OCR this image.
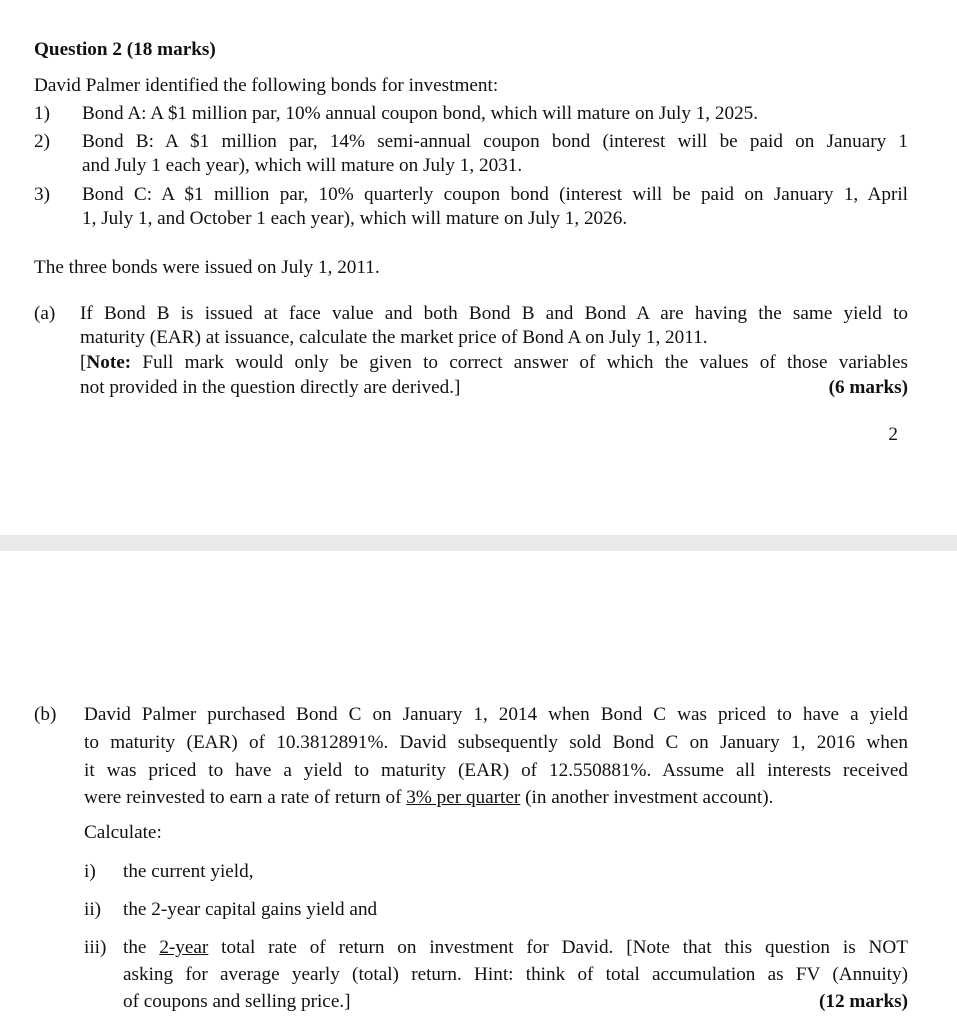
Question 2 (18 marks)
David Palmer identified the following bonds for investment:
1) Bond A: A $1 million par, 10% annual coupon bond, which will mature on July 1, 2025.
2) Bond B: A $1 million par, 14% semi-annual coupon bond (interest will be paid on January 1
and July 1 each year), which will mature on July 1, 2031.
3) Bond C: A $1 million par, 10% quarterly coupon bond (interest will be paid on January 1, April
1, July 1, and October 1 each year), which will mature on July 1, 2026.
The three bonds were issued on July 1, 2011.
(a) If Bond B is issued at face value and both Bond B and Bond A are having the same yield to
maturity (EAR) at issuance, calculate the market price of Bond A on July 1, 2011.
[Note: Full mark would only be given to correct answer of which the values of those variables
not provided in the question directly are derived.]	(6 marks)
2
(b) David Palmer purchased Bond C on January 1, 2014 when Bond C was priced to have a yield
to maturity (EAR) of 10.3812891%. David subsequently sold Bond C on January 1, 2016 when
it was priced to have a yield to maturity (EAR) of 12.550881%. Assume all interests received
were reinvested to earn a rate of return of 3% per quarter (in another investment account).
Calculate:
i) the current yield,
ii) the 2-year capital gains yield and
iii) the 2-year total rate of return on investment for David. [Note that this question is NOT
asking for average yearly (total) return. Hint: think of total accumulation as FV (Annuity)
of coupons and selling price.]	(12 marks)
